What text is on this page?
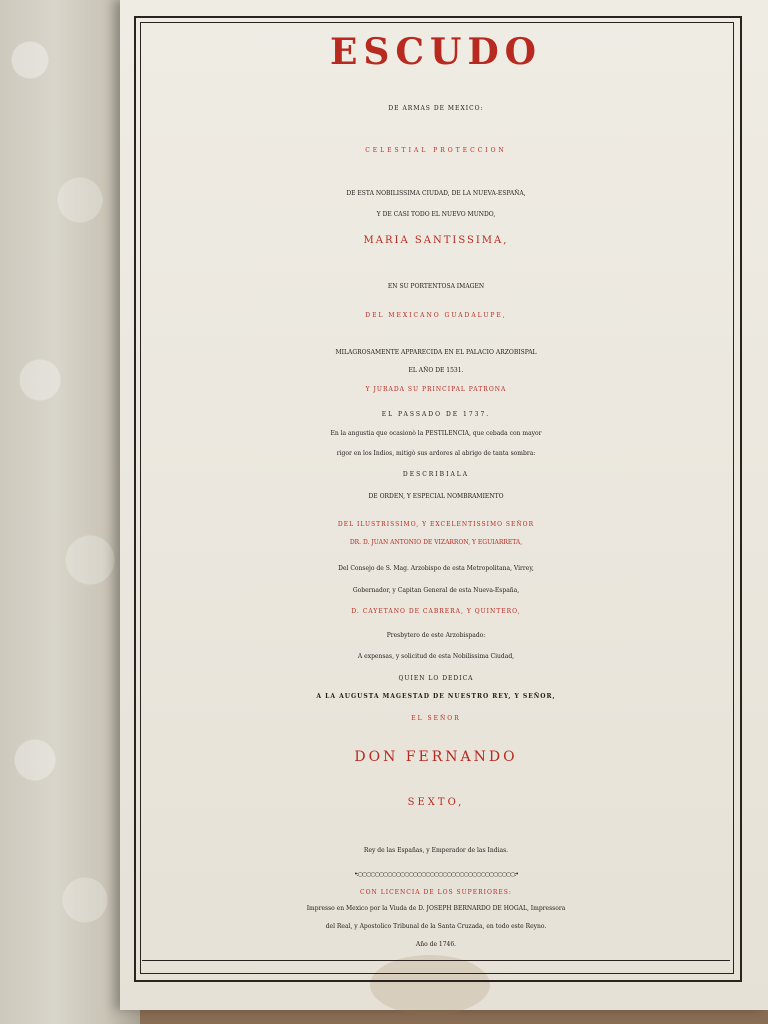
ESCUDO
DE ARMAS DE MEXICO:
CELESTIAL PROTECCION
DE ESTA NOBILISSIMA CIUDAD, DE LA NUEVA-ESPAÑA,
Y DE CASI TODO EL NUEVO MUNDO,
MARIA SANTISSIMA,
EN SU PORTENTOSA IMAGEN
DEL MEXICANO GUADALUPE,
MILAGROSAMENTE APPARECIDA EN EL PALACIO ARZOBISPAL
EL AÑO DE 1531.
Y JURADA SU PRINCIPAL PATRONA
EL PASSADO DE 1737.
En la angustia que ocasionò la PESTILENCIA, que cebada con mayor
rigor en los Indios, mitigò sus ardores al abrigo de tanta sombra:
DESCRIBIALA
DE ORDEN, Y ESPECIAL NOMBRAMIENTO
DEL ILUSTRISSIMO, Y EXCELENTISSIMO SEÑOR
DR. D. JUAN ANTONIO DE VIZARRON, Y EGUIARRETA,
Del Consejo de S. Mag. Arzobispo de esta Metropolitana, Virrey,
Gobernador, y Capitan General de esta Nueva-España,
D. CAYETANO DE CABRERA, Y QUINTERO,
Presbytero de este Arzobispado:
A expensas, y solicitud de esta Nobilissima Ciudad,
QUIEN LO DEDICA
A LA AUGUSTA MAGESTAD DE NUESTRO REY, Y SEÑOR,
EL SEÑOR
DON FERNANDO
SEXTO,
Rey de las Españas, y Emperador de las Indias.
•:○○○○○○○○○○○○○○○○○○○○○○○○○○○○○○○○○○○○○:•
CON LICENCIA DE LOS SUPERIORES:
Impresso en Mexico por la Viuda de D. JOSEPH BERNARDO DE HOGAL, Impressora
del Real, y Apostolico Tribunal de la Santa Cruzada, en todo este Reyno.
Año de 1746.
